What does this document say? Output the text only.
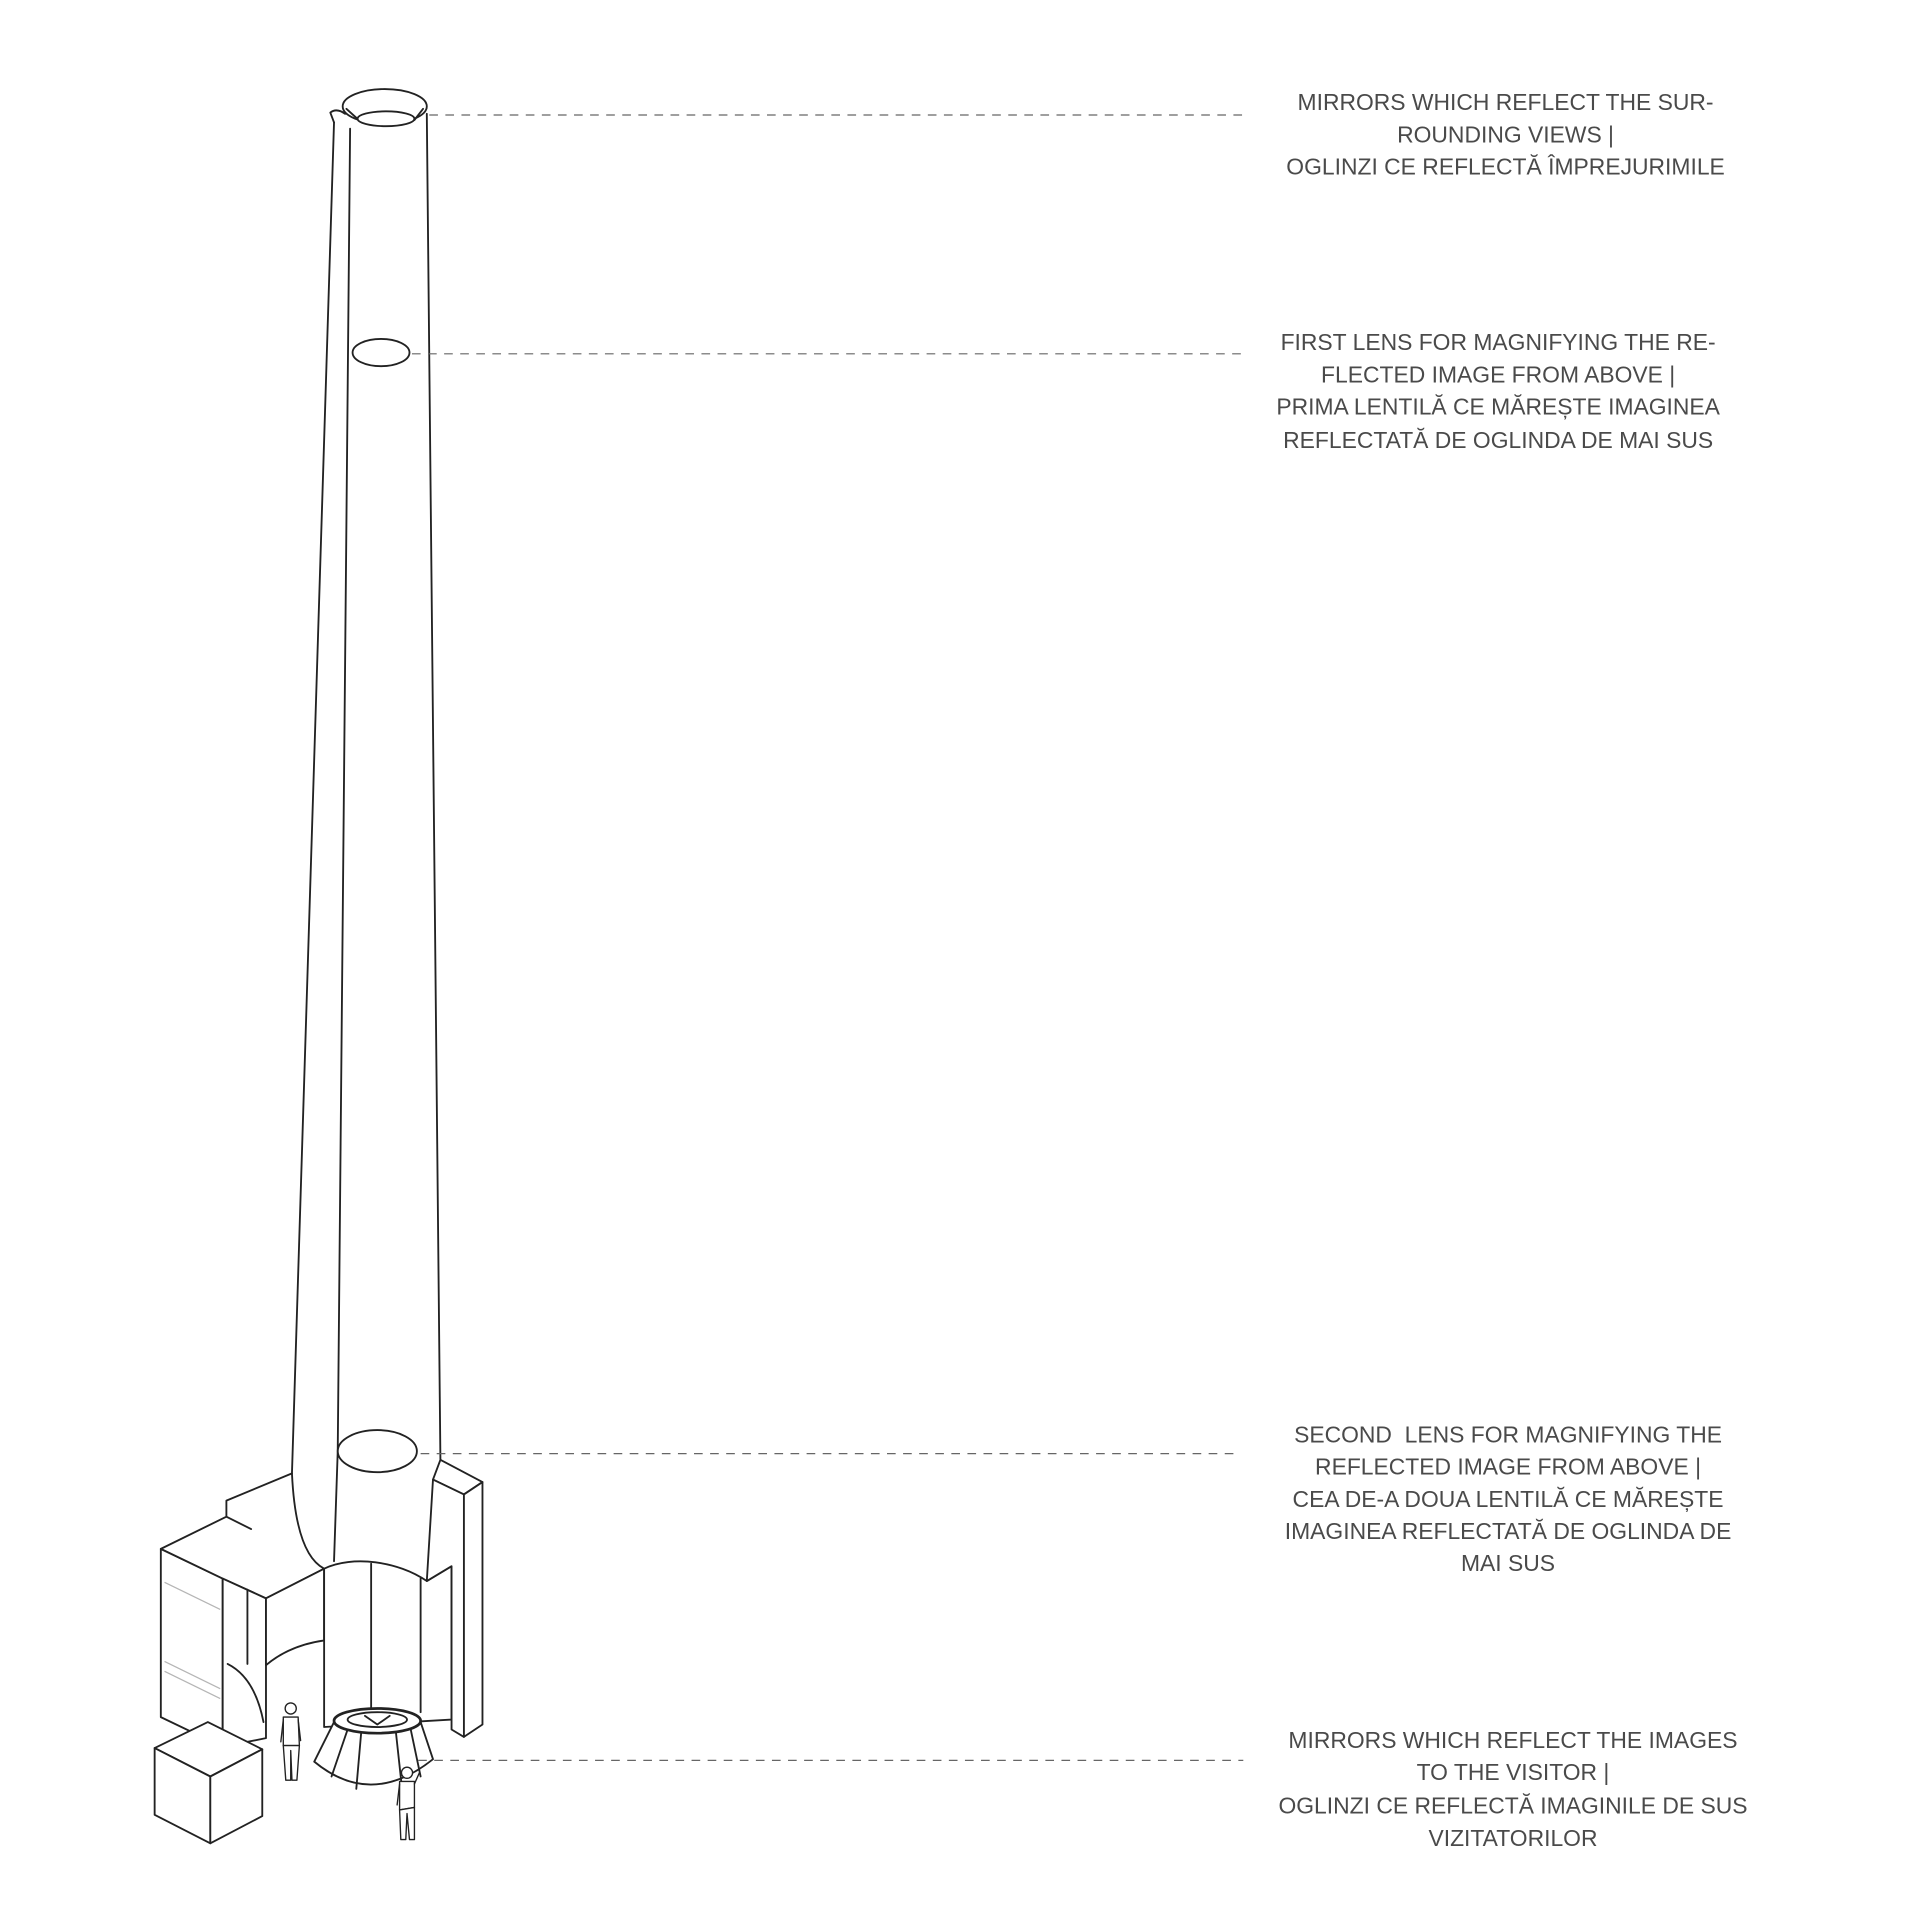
MIRRORS WHICH REFLECT THE SUR-
ROUNDING VIEWS |
OGLINZI CE REFLECTĂ ÎMPREJURIMILE
FIRST LENS FOR MAGNIFYING THE RE-
FLECTED IMAGE FROM ABOVE |
PRIMA LENTILĂ CE MĂREȘTE IMAGINEA
REFLECTATĂ DE OGLINDA DE MAI SUS
SECOND  LENS FOR MAGNIFYING THE
REFLECTED IMAGE FROM ABOVE |
CEA DE-A DOUA LENTILĂ CE MĂREȘTE
IMAGINEA REFLECTATĂ DE OGLINDA DE
MAI SUS
MIRRORS WHICH REFLECT THE IMAGES
TO THE VISITOR |
OGLINZI CE REFLECTĂ IMAGINILE DE SUS
VIZITATORILOR
